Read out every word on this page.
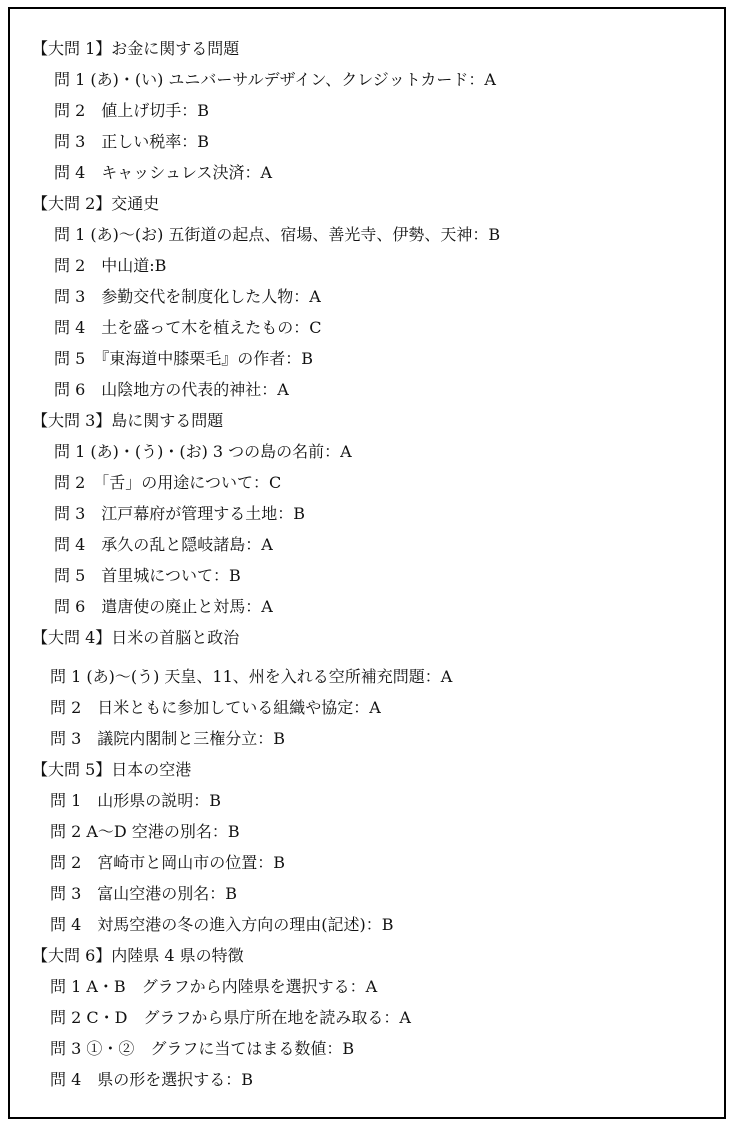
【大問 1】お金に関する問題
問 1 (あ)・(い) ユニバーサルデザイン、クレジットカード：A
問 2　値上げ切手：B
問 3　正しい税率：B
問 4　キャッシュレス決済：A
【大問 2】交通史
問 1 (あ)〜(お) 五街道の起点、宿場、善光寺、伊勢、天神：B
問 2　中山道:B
問 3　参勤交代を制度化した人物：A
問 4　土を盛って木を植えたもの：C
問 5　『東海道中膝栗毛』の作者：B
問 6　山陰地方の代表的神社：A
【大問 3】島に関する問題
問 1 (あ)・(う)・(お) 3 つの島の名前：A
問 2　「舌」の用途について：C
問 3　江戸幕府が管理する土地：B
問 4　承久の乱と隠岐諸島：A
問 5　首里城について：B
問 6　遣唐使の廃止と対馬：A
【大問 4】日米の首脳と政治
問 1 (あ)〜(う) 天皇、11、州を入れる空所補充問題：A
問 2　日米ともに参加している組織や協定：A
問 3　議院内閣制と三権分立：B
【大問 5】日本の空港
問 1　山形県の説明：B
問 2 A〜D 空港の別名：B
問 2　宮崎市と岡山市の位置：B
問 3　富山空港の別名：B
問 4　対馬空港の冬の進入方向の理由(記述)：B
【大問 6】内陸県 4 県の特徴
問 1 A・B　グラフから内陸県を選択する：A
問 2 C・D　グラフから県庁所在地を読み取る：A
問 3 ①・②　グラフに当てはまる数値：B
問 4　県の形を選択する：B
